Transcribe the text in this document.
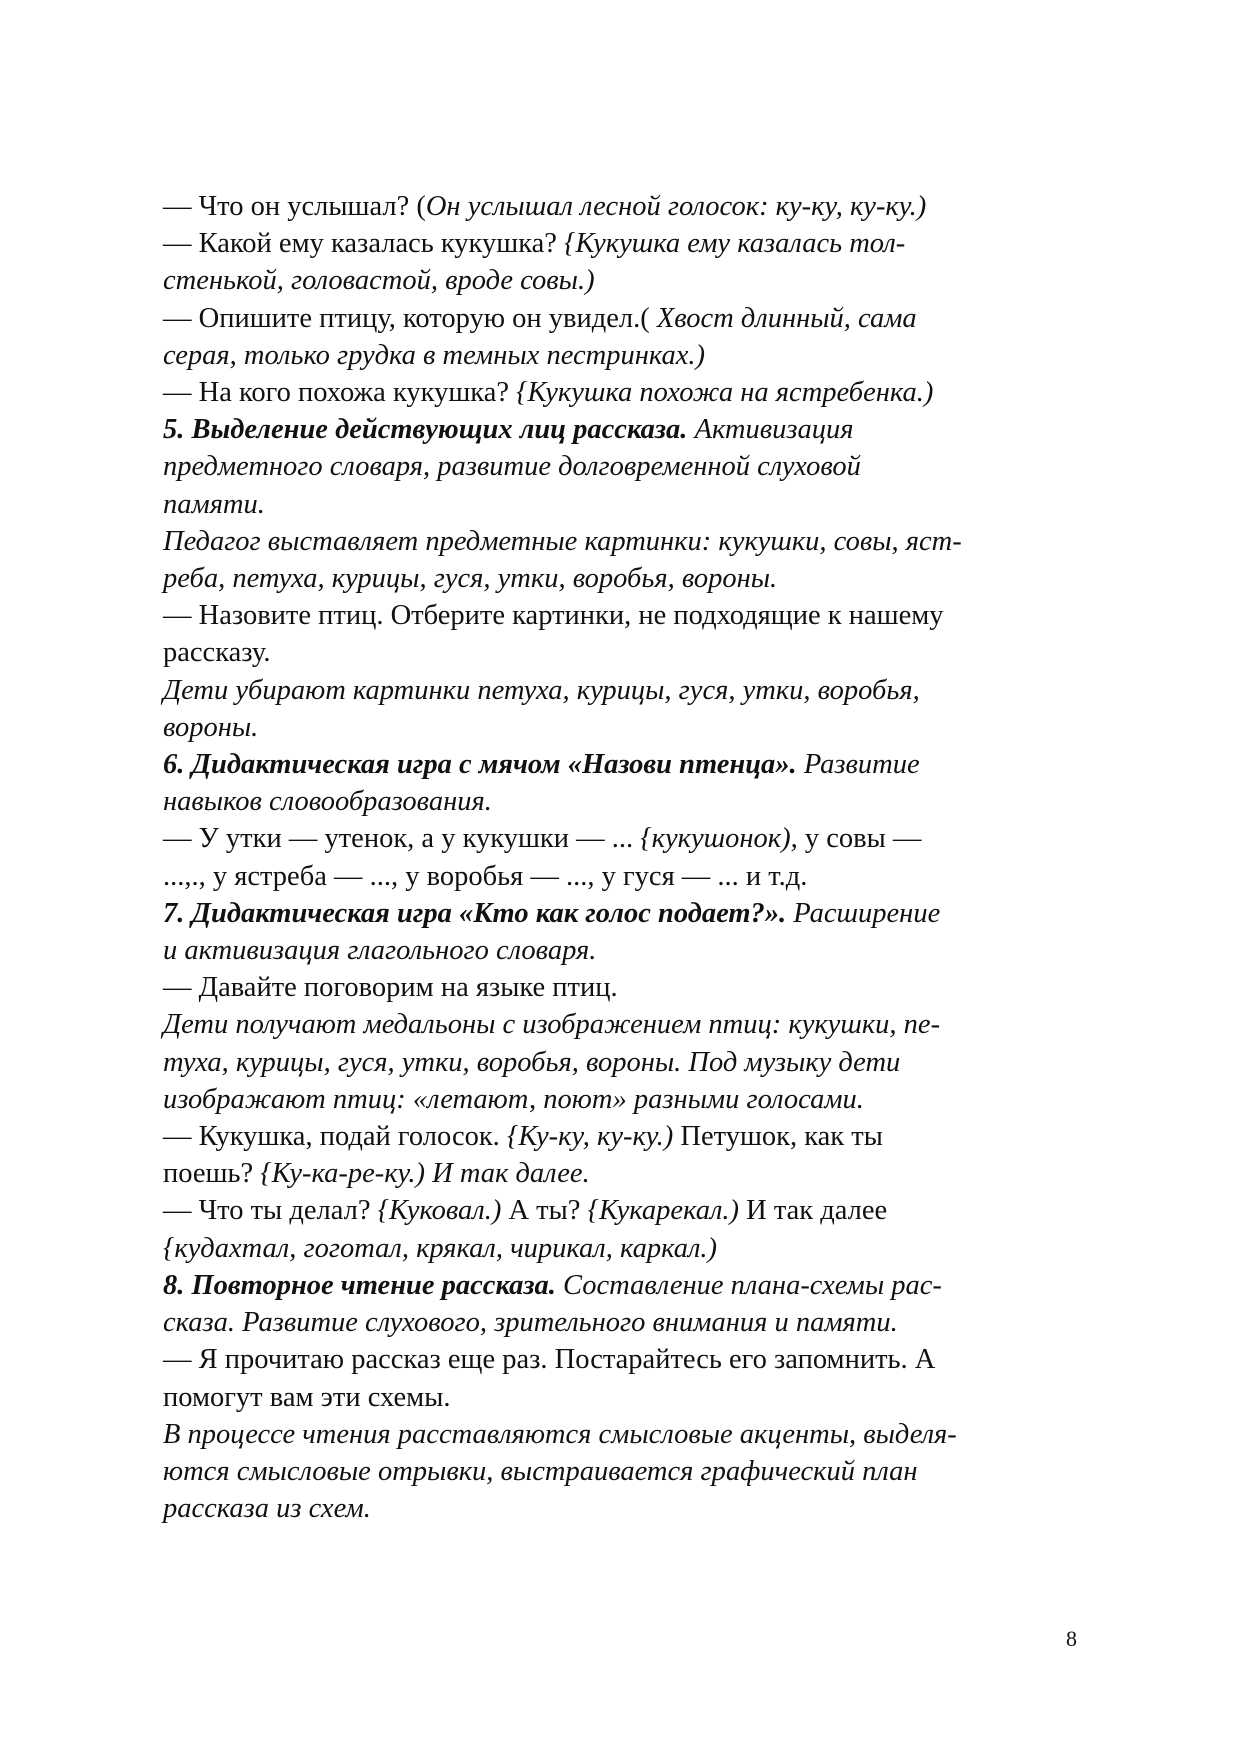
— Что он услышал? (Он услышал лесной голосок: ку-ку, ку-ку.)
— Какой ему казалась кукушка? {Кукушка ему казалась тол-
стенькой, головастой, вроде совы.)
— Опишите птицу, которую он увидел.( Хвост длинный, сама
серая, только грудка в темных пестринках.)
— На кого похожа кукушка? {Кукушка похожа на ястребенка.)
5. Выделение действующих лиц рассказа. Активизация
предметного словаря, развитие долговременной слуховой
памяти.
Педагог выставляет предметные картинки: кукушки, совы, яст-
реба, петуха, курицы, гуся, утки, воробья, вороны.
— Назовите птиц. Отберите картинки, не подходящие к нашему
рассказу.
Дети убирают картинки петуха, курицы, гуся, утки, воробья,
вороны.
6. Дидактическая игра с мячом «Назови птенца». Развитие
навыков словообразования.
— У утки — утенок, а у кукушки — ... {кукушонок), у совы —
...,., у ястреба — ..., у воробья — ..., у гуся — ... и т.д.
7. Дидактическая игра «Кто как голос подает?». Расширение
и активизация глагольного словаря.
— Давайте поговорим на языке птиц.
Дети получают медальоны с изображением птиц: кукушки, пе-
туха, курицы, гуся, утки, воробья, вороны. Под музыку дети
изображают птиц: «летают, поют» разными голосами.
— Кукушка, подай голосок. {Ку-ку, ку-ку.) Петушок, как ты
поешь? {Ку-ка-ре-ку.) И так далее.
— Что ты делал? {Куковал.) А ты? {Кукарекал.) И так далее
{кудахтал, гоготал, крякал, чирикал, каркал.)
8. Повторное чтение рассказа. Составление плана-схемы рас-
сказа. Развитие слухового, зрительного внимания и памяти.
— Я прочитаю рассказ еще раз. Постарайтесь его запомнить. А
помогут вам эти схемы.
В процессе чтения расставляются смысловые акценты, выделя-
ются смысловые отрывки, выстраивается графический план
рассказа из схем.
8
